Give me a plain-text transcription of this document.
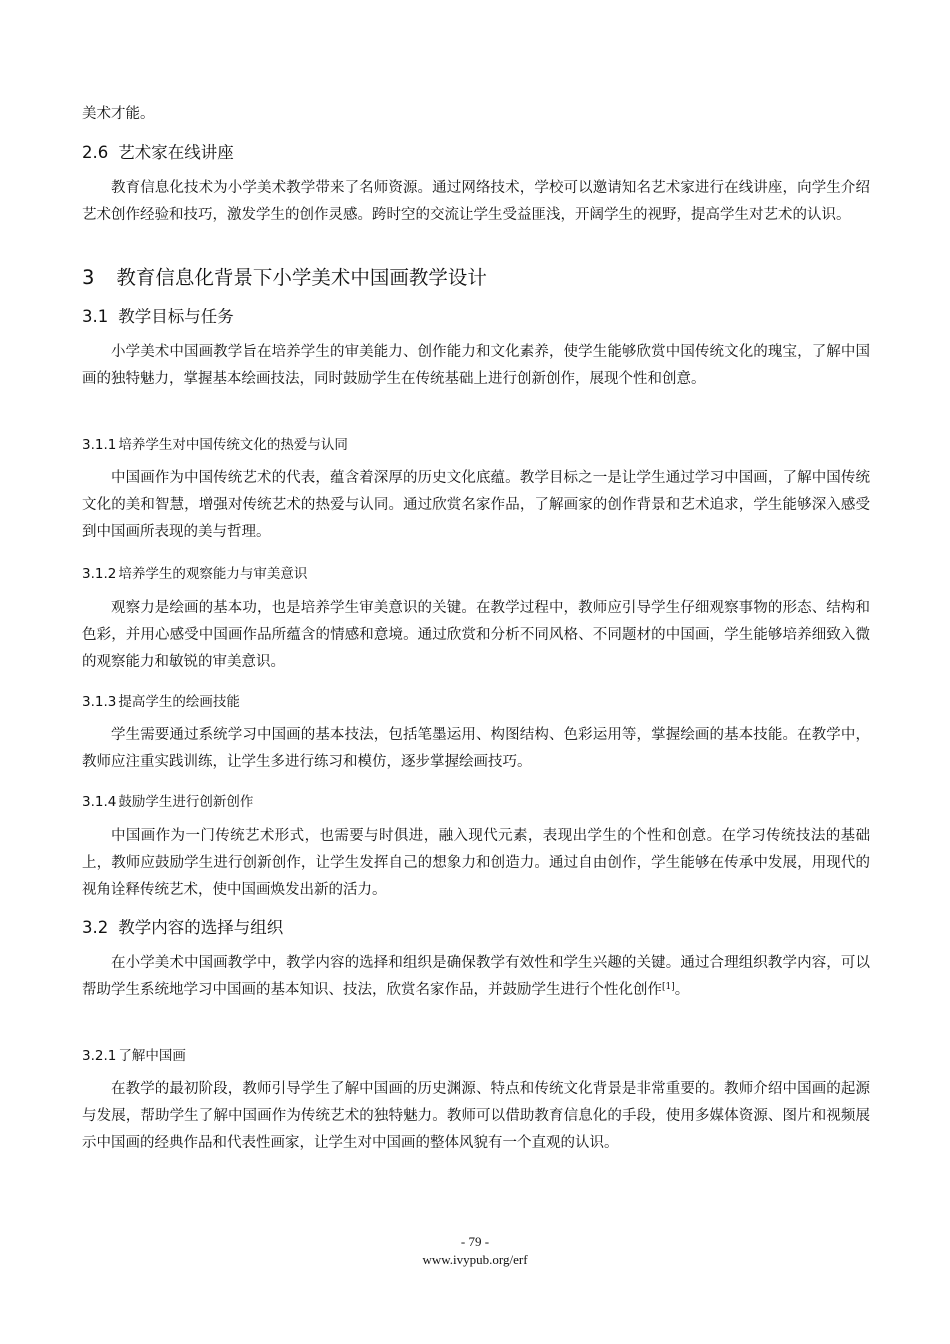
美术才能。

2.6 艺术家在线讲座

教育信息化技术为小学美术教学带来了名师资源。通过网络技术，学校可以邀请知名艺术家进行在线讲座，向学生介绍艺术创作经验和技巧，激发学生的创作灵感。跨时空的交流让学生受益匪浅，开阔学生的视野，提高学生对艺术的认识。

3 教育信息化背景下小学美术中国画教学设计
3.1 教学目标与任务

小学美术中国画教学旨在培养学生的审美能力、创作能力和文化素养，使学生能够欣赏中国传统文化的瑰宝，了解中国画的独特魅力，掌握基本绘画技法，同时鼓励学生在传统基础上进行创新创作，展现个性和创意。

3.1.1 培养学生对中国传统文化的热爱与认同

中国画作为中国传统艺术的代表，蕴含着深厚的历史文化底蕴。教学目标之一是让学生通过学习中国画，了解中国传统文化的美和智慧，增强对传统艺术的热爱与认同。通过欣赏名家作品，了解画家的创作背景和艺术追求，学生能够深入感受到中国画所表现的美与哲理。

3.1.2 培养学生的观察能力与审美意识

观察力是绘画的基本功，也是培养学生审美意识的关键。在教学过程中，教师应引导学生仔细观察事物的形态、结构和色彩，并用心感受中国画作品所蕴含的情感和意境。通过欣赏和分析不同风格、不同题材的中国画，学生能够培养细致入微的观察能力和敏锐的审美意识。

3.1.3 提高学生的绘画技能

学生需要通过系统学习中国画的基本技法，包括笔墨运用、构图结构、色彩运用等，掌握绘画的基本技能。在教学中，教师应注重实践训练，让学生多进行练习和模仿，逐步掌握绘画技巧。

3.1.4 鼓励学生进行创新创作

中国画作为一门传统艺术形式，也需要与时俱进，融入现代元素，表现出学生的个性和创意。在学习传统技法的基础上，教师应鼓励学生进行创新创作，让学生发挥自己的想象力和创造力。通过自由创作，学生能够在传承中发展，用现代的视角诠释传统艺术，使中国画焕发出新的活力。

3.2 教学内容的选择与组织

在小学美术中国画教学中，教学内容的选择和组织是确保教学有效性和学生兴趣的关键。通过合理组织教学内容，可以帮助学生系统地学习中国画的基本知识、技法，欣赏名家作品，并鼓励学生进行个性化创作[1]。

3.2.1 了解中国画

在教学的最初阶段，教师引导学生了解中国画的历史渊源、特点和传统文化背景是非常重要的。教师介绍中国画的起源与发展，帮助学生了解中国画作为传统艺术的独特魅力。教师可以借助教育信息化的手段，使用多媒体资源、图片和视频展示中国画的经典作品和代表性画家，让学生对中国画的整体风貌有一个直观的认识。

- 79 -
www.ivypub.org/erf
